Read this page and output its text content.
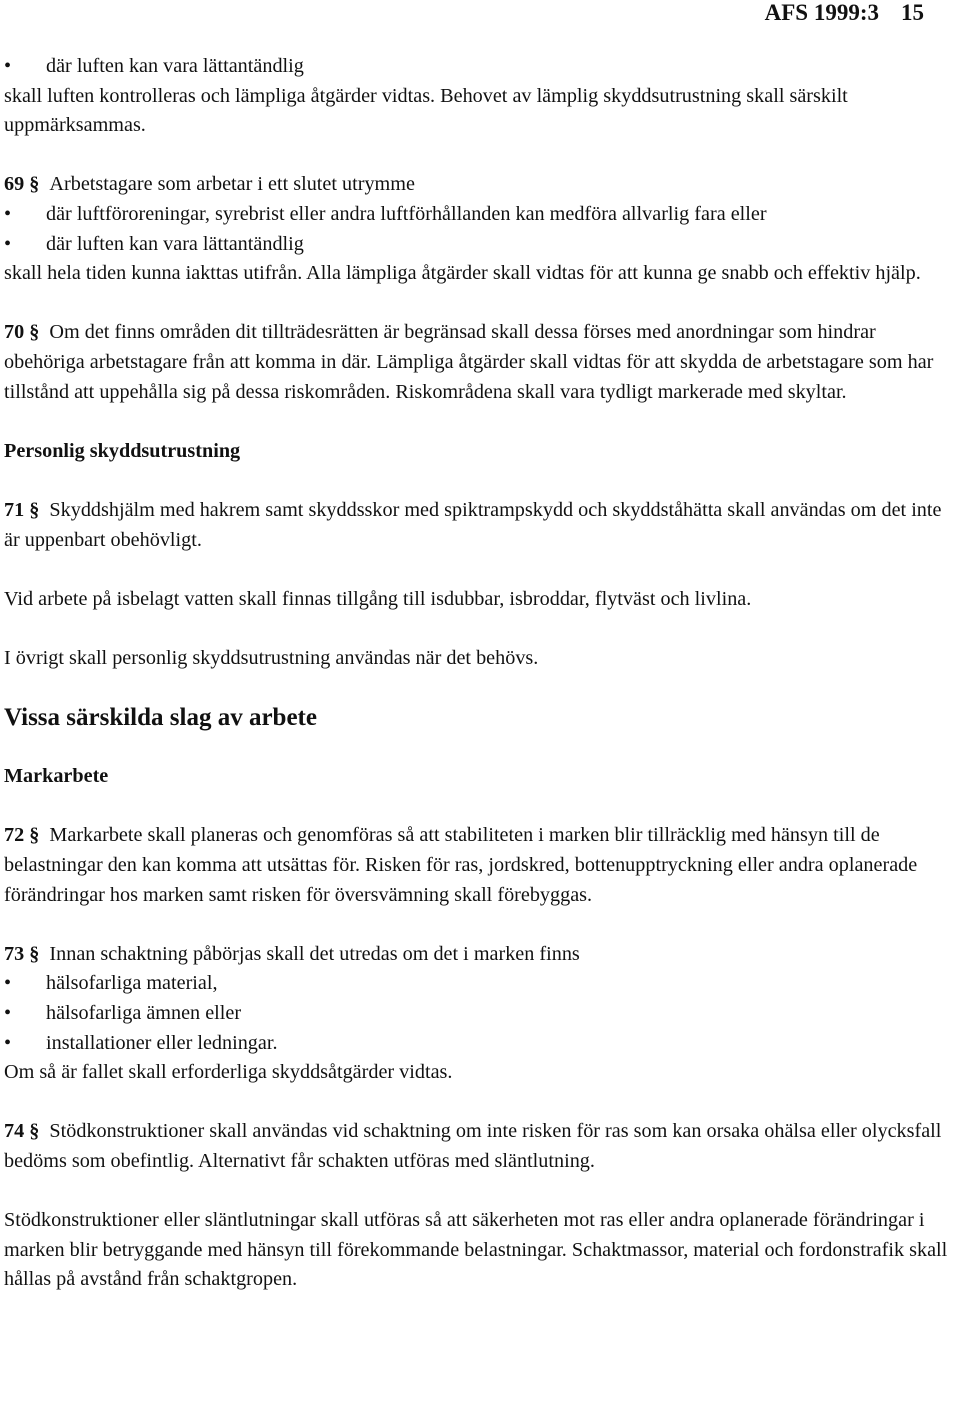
AFS 1999:3 15

• där luften kan vara lättantändlig

skall luften kontrolleras och lämpliga åtgärder vidtas. Behovet av lämplig skyddsutrustning skall särskilt uppmärksammas.

69 § Arbetstagare som arbetar i ett slutet utrymme

• där luftföroreningar, syrebrist eller andra luftförhållanden kan medföra allvarlig fara eller

• där luften kan vara lättantändlig

skall hela tiden kunna iakttas utifrån. Alla lämpliga åtgärder skall vidtas för att kunna ge snabb och effektiv hjälp.

70 § Om det finns områden dit tillträdesrätten är begränsad skall dessa förses med anordningar som hindrar obehöriga arbetstagare från att komma in där. Lämpliga åtgärder skall vidtas för att skydda de arbetstagare som har tillstånd att uppehålla sig på dessa riskområden. Riskområdena skall vara tydligt markerade med skyltar.

Personlig skyddsutrustning

71 § Skyddshjälm med hakrem samt skyddsskor med spiktrampskydd och skyddståhätta skall användas om det inte är uppenbart obehövligt.

Vid arbete på isbelagt vatten skall finnas tillgång till isdubbar, isbroddar, flytväst och livlina.

I övrigt skall personlig skyddsutrustning användas när det behövs.

Vissa särskilda slag av arbete

Markarbete

72 § Markarbete skall planeras och genomföras så att stabiliteten i marken blir tillräcklig med hänsyn till de belastningar den kan komma att utsättas för. Risken för ras, jordskred, bottenupptryckning eller andra oplanerade förändringar hos marken samt risken för översvämning skall förebyggas.

73 § Innan schaktning påbörjas skall det utredas om det i marken finns

• hälsofarliga material,

• hälsofarliga ämnen eller

• installationer eller ledningar.

Om så är fallet skall erforderliga skyddsåtgärder vidtas.

74 § Stödkonstruktioner skall användas vid schaktning om inte risken för ras som kan orsaka ohälsa eller olycksfall bedöms som obefintlig. Alternativt får schakten utföras med släntlutning.

Stödkonstruktioner eller släntlutningar skall utföras så att säkerheten mot ras eller andra oplanerade förändringar i marken blir betryggande med hänsyn till förekommande belastningar. Schaktmassor, material och fordonstrafik skall hållas på avstånd från schaktgropen.
